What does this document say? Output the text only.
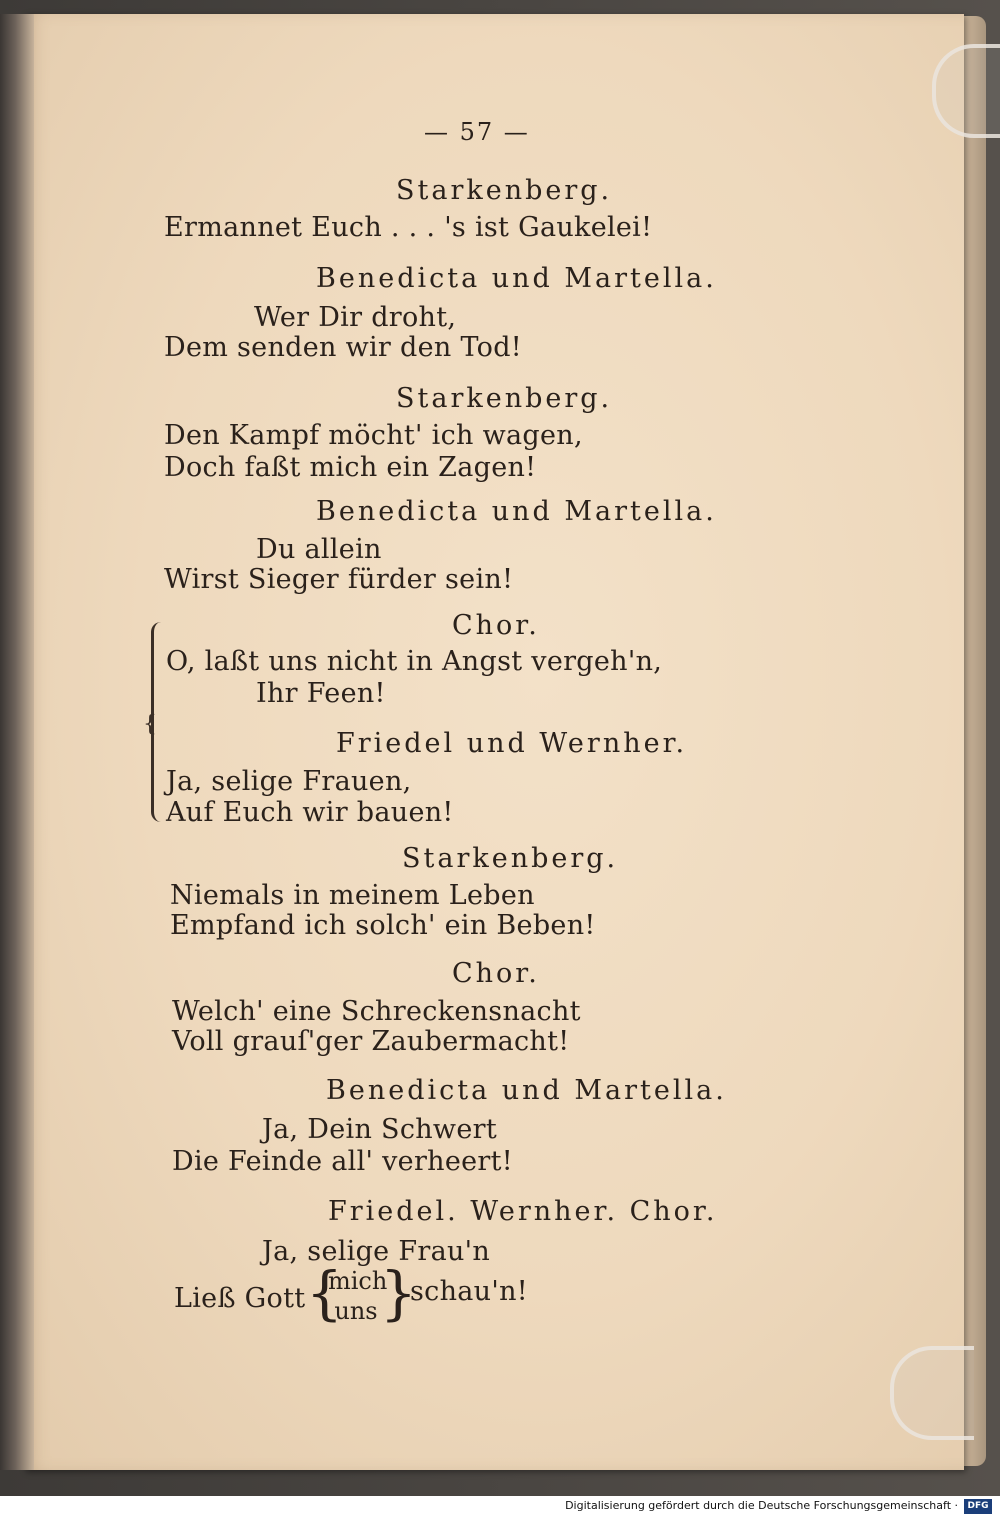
— 57 —
Starkenberg.
Ermannet Euch . . . 's ist Gaukelei!
Benedicta und Martella.
Wer Dir droht,
Dem senden wir den Tod!
Starkenberg.
Den Kampf möcht' ich wagen,
Doch faßt mich ein Zagen!
Benedicta und Martella.
Du allein
Wirst Sieger fürder sein!
{
Chor.
O, laßt uns nicht in Angst vergeh'n,
Ihr Feen!
Friedel und Wernher.
Ja, selige Frauen,
Auf Euch wir bauen!
Starkenberg.
Niemals in meinem Leben
Empfand ich solch' ein Beben!
Chor.
Welch' eine Schreckensnacht
Voll grauſ'ger Zaubermacht!
Benedicta und Martella.
Ja, Dein Schwert
Die Feinde all' verheert!
Friedel. Wernher. Chor.
Ja, selige Frau'n
Ließ Gott {
mich
uns }
schau'n!
Digitalisierung gefördert durch die Deutsche Forschungsgemeinschaft ·	DFG
